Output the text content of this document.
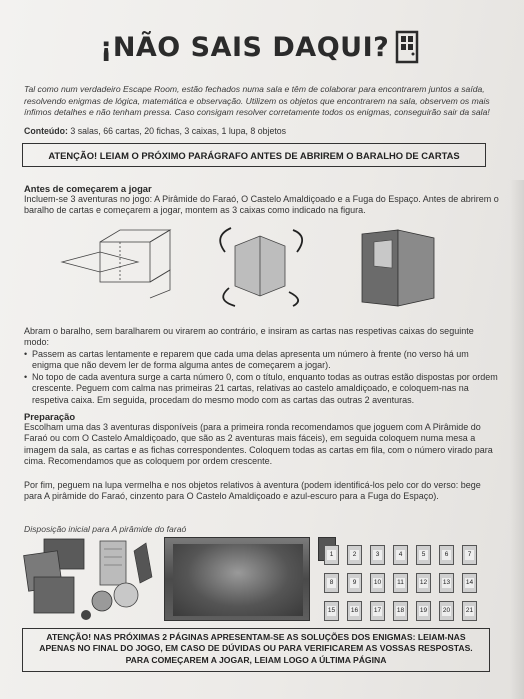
¡NÃO SAIS DAQUI?

Tal como num verdadeiro Escape Room, estão fechados numa sala e têm de colaborar para encontrarem juntos a saída, resolvendo enigmas de lógica, matemática e observação. Utilizem os objetos que encontrarem na sala, observem os mais ínfimos detalhes e não tenham pressa. Caso consigam resolver corretamente todos os enigmas, conseguirão sair da sala!

Conteúdo: 3 salas, 66 cartas, 20 fichas, 3 caixas, 1 lupa, 8 objetos

ATENÇÃO! LEIAM O PRÓXIMO PARÁGRAFO ANTES DE ABRIREM O BARALHO DE CARTAS
Antes de começarem a jogar

Incluem-se 3 aventuras no jogo: A Pirâmide do Faraó, O Castelo Amaldiçoado e a Fuga do Espaço. Antes de abrirem o baralho de cartas e começarem a jogar, montem as 3 caixas como indicado na figura.

Abram o baralho, sem baralharem ou virarem ao contrário, e insiram as cartas nas respetivas caixas do seguinte modo:

• Passem as cartas lentamente e reparem que cada uma delas apresenta um número à frente (no verso há um enigma que não devem ler de forma alguma antes de começarem a jogar).
• No topo de cada aventura surge a carta número 0, com o título, enquanto todas as outras estão dispostas por ordem crescente. Peguem com calma nas primeiras 21 cartas, relativas ao castelo amaldiçoado, e coloquem-nas na respetiva caixa. Em seguida, procedam do mesmo modo com as cartas das outras 2 aventuras.
Preparação

Escolham uma das 3 aventuras disponíveis (para a primeira ronda recomendamos que joguem com A Pirâmide do Faraó ou com O Castelo Amaldiçoado, que são as 2 aventuras mais fáceis), em seguida coloquem numa mesa a imagem da sala, as cartas e as fichas correspondentes. Coloquem todas as cartas em fila, com o número virado para cima. Recomendamos que as coloquem por ordem crescente.

Por fim, peguem na lupa vermelha e nos objetos relativos à aventura (podem identificá-los pelo cor do verso: bege para A pirâmide do Faraó, cinzento para O Castelo Amaldiçoado e azul-escuro para a Fuga do Espaço).

Disposição inicial para A pirâmide do faraó

1	2	3	4	5	6	7
8	9	10	11	12	13	14
15	16	17	18	19	20	21
ATENÇÃO! NAS PRÓXIMAS 2 PÁGINAS APRESENTAM-SE AS SOLUÇÕES DOS ENIGMAS: LEIAM-NAS APENAS NO FINAL DO JOGO, EM CASO DE DÚVIDAS OU PARA VERIFICAREM AS VOSSAS RESPOSTAS. PARA COMEÇAREM A JOGAR, LEIAM LOGO A ÚLTIMA PÁGINA
